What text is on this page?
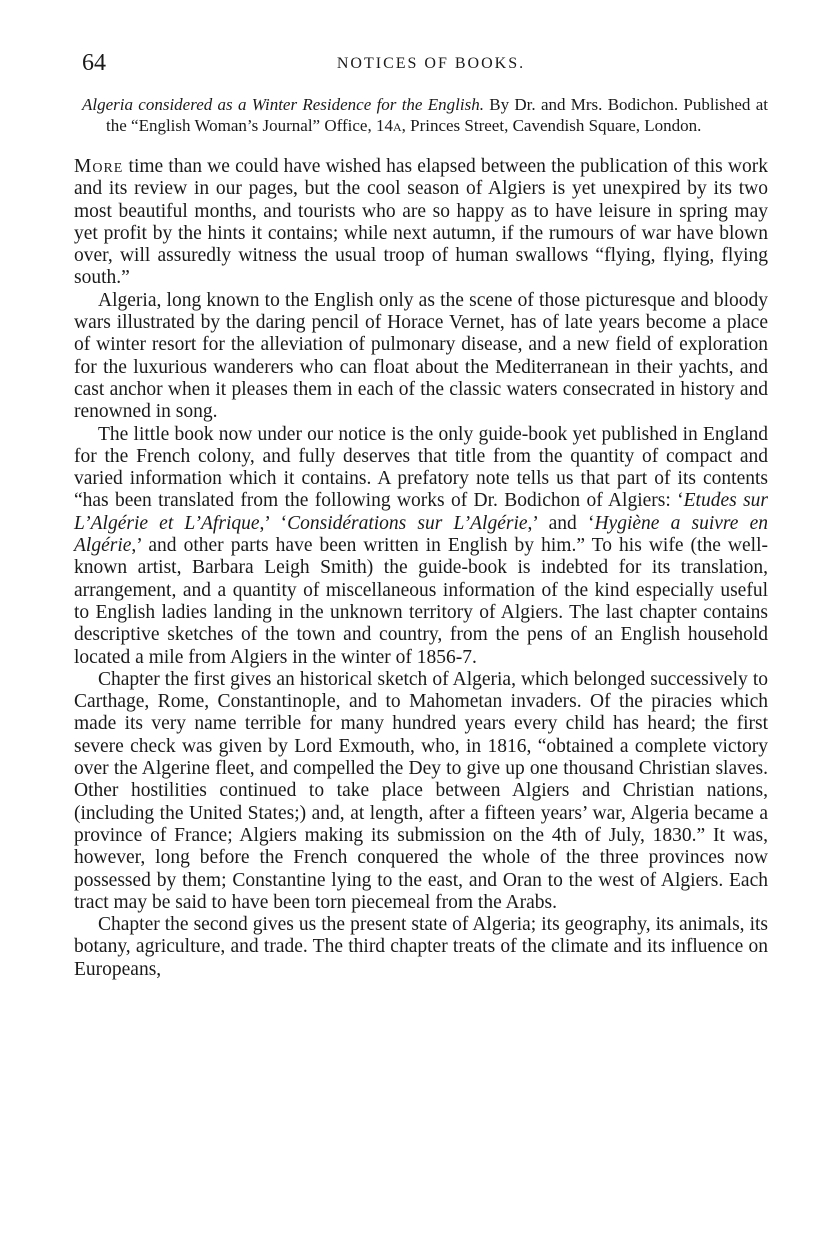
64	NOTICES OF BOOKS.
Algeria considered as a Winter Residence for the English. By Dr. and Mrs. Bodichon. Published at the “English Woman’s Journal” Office, 14a, Princes Street, Cavendish Square, London.

More time than we could have wished has elapsed between the publication of this work and its review in our pages, but the cool season of Algiers is yet unexpired by its two most beautiful months, and tourists who are so happy as to have leisure in spring may yet profit by the hints it contains; while next autumn, if the rumours of war have blown over, will assuredly witness the usual troop of human swallows “flying, flying, flying south.”

Algeria, long known to the English only as the scene of those picturesque and bloody wars illustrated by the daring pencil of Horace Vernet, has of late years become a place of winter resort for the alleviation of pulmonary disease, and a new field of exploration for the luxurious wanderers who can float about the Mediterranean in their yachts, and cast anchor when it pleases them in each of the classic waters consecrated in history and renowned in song.

The little book now under our notice is the only guide-book yet published in England for the French colony, and fully deserves that title from the quantity of compact and varied information which it contains. A prefatory note tells us that part of its contents “has been translated from the following works of Dr. Bodichon of Algiers: ‘Etudes sur L’Algérie et L’Afrique,’ ‘Considérations sur L’Algérie,’ and ‘Hygiène a suivre en Algérie,’ and other parts have been written in English by him.” To his wife (the well-known artist, Barbara Leigh Smith) the guide-book is indebted for its translation, arrangement, and a quantity of miscellaneous information of the kind especially useful to English ladies landing in the unknown territory of Algiers. The last chapter contains descriptive sketches of the town and country, from the pens of an English household located a mile from Algiers in the winter of 1856-7.

Chapter the first gives an historical sketch of Algeria, which belonged successively to Carthage, Rome, Constantinople, and to Mahometan invaders. Of the piracies which made its very name terrible for many hundred years every child has heard; the first severe check was given by Lord Exmouth, who, in 1816, “obtained a complete victory over the Algerine fleet, and compelled the Dey to give up one thousand Christian slaves. Other hostilities continued to take place between Algiers and Christian nations, (including the United States;) and, at length, after a fifteen years’ war, Algeria became a province of France; Algiers making its submission on the 4th of July, 1830.” It was, however, long before the French conquered the whole of the three provinces now possessed by them; Constantine lying to the east, and Oran to the west of Algiers. Each tract may be said to have been torn piecemeal from the Arabs.

Chapter the second gives us the present state of Algeria; its geography, its animals, its botany, agriculture, and trade. The third chapter treats of the climate and its influence on Europeans,
